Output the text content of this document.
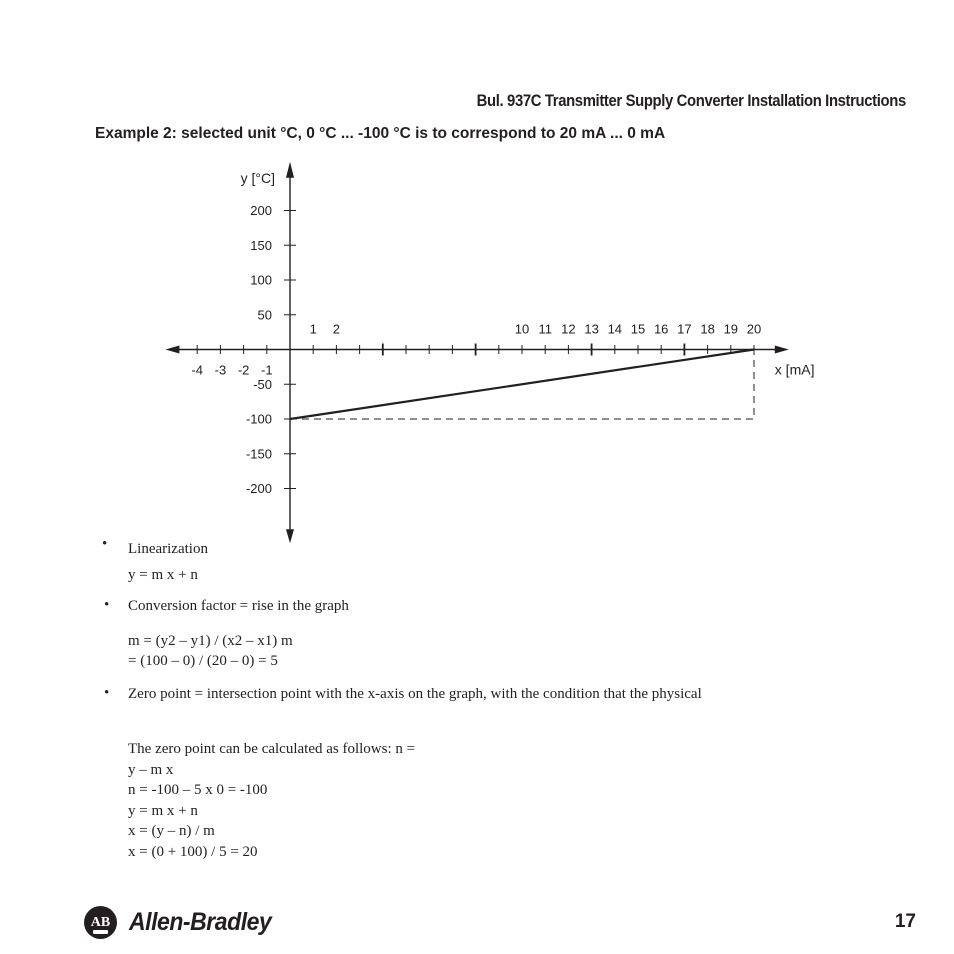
Bul. 937C Transmitter Supply Converter Installation Instructions
Example 2: selected unit °C, 0 °C ... -100 °C is to correspond to 20 mA ... 0 mA
-4 -3 -2 -1
1 2	10 11 12 13 14 15 16 17 18 19 20
200
150
100
50
-50
-100
-150
-200
y [°C]
x [mA]
• Linearization
y = m x + n
• Conversion factor = rise in the graph
m = (y2 – y1) / (x2 – x1) m
= (100 – 0) / (20 – 0) = 5
• Zero point = intersection point with the x-axis on the graph, with the condition that the physical
The zero point can be calculated as follows: n =
y – m x
n = -100 – 5 x 0 = -100
y = m x + n
x = (y – n) / m
x = (0 + 100) / 5 = 20
AB Allen-Bradley	17
